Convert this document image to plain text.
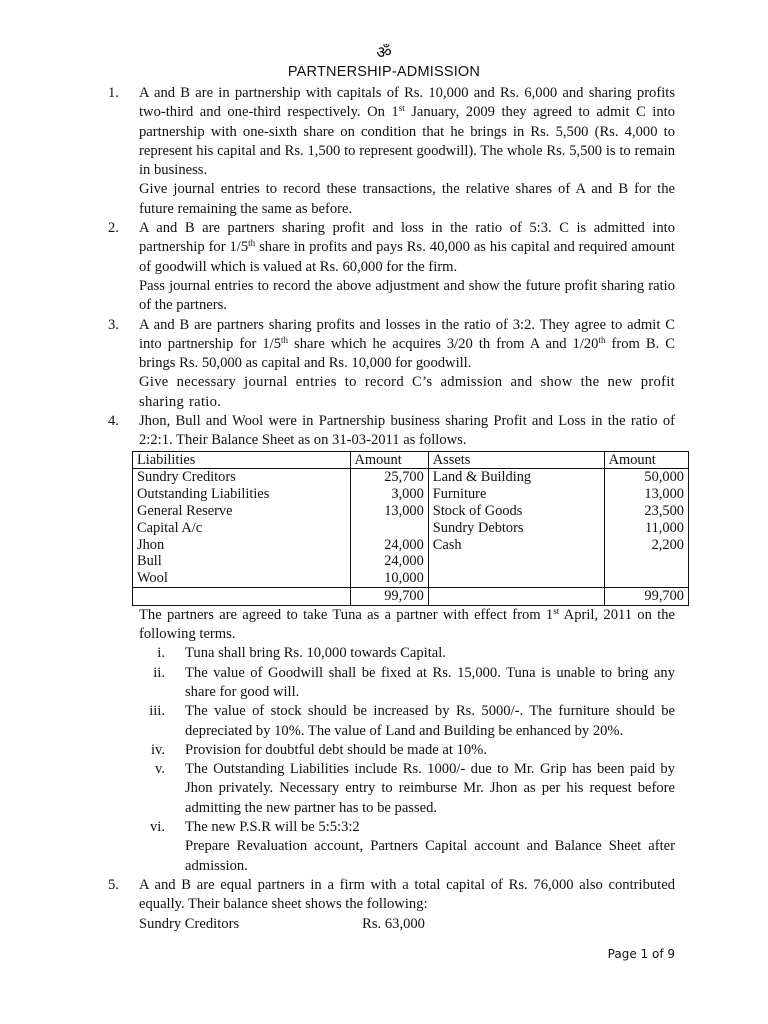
ॐ
PARTNERSHIP-ADMISSION
1. A and B are in partnership with capitals of Rs. 10,000 and Rs. 6,000 and sharing profits two-third and one-third respectively. On 1st January, 2009 they agreed to admit C into partnership with one-sixth share on condition that he brings in Rs. 5,500 (Rs. 4,000 to represent his capital and Rs. 1,500 to represent goodwill). The whole Rs. 5,500 is to remain in business.

Give journal entries to record these transactions, the relative shares of A and B for the future remaining the same as before.

2. A and B are partners sharing profit and loss in the ratio of 5:3. C is admitted into partnership for 1/5th share in profits and pays Rs. 40,000 as his capital and required amount of goodwill which is valued at Rs. 60,000 for the firm.

Pass journal entries to record the above adjustment and show the future profit sharing ratio of the partners.

3. A and B are partners sharing profits and losses in the ratio of 3:2. They agree to admit C into partnership for 1/5th share which he acquires 3/20 th from A and 1/20th from B. C brings Rs. 50,000 as capital and Rs. 10,000 for goodwill.

Give necessary journal entries to record C’s admission and show the new profit sharing ratio.

4. Jhon, Bull and Wool were in Partnership business sharing Profit and Loss in the ratio of 2:2:1. Their Balance Sheet as on 31-03-2011 as follows.

Liabilities	Amount	Assets	Amount
Sundry Creditors	25,700	Land & Building	50,000
Outstanding Liabilities	3,000	Furniture	13,000
General Reserve	13,000	Stock of Goods	23,500
Capital A/c		Sundry Debtors	11,000
Jhon	24,000	Cash	2,200
Bull	24,000		
Wool	10,000		
	99,700		99,700

The partners are agreed to take Tuna as a partner with effect from 1st April, 2011 on the following terms.

i. Tuna shall bring Rs. 10,000 towards Capital.
ii. The value of Goodwill shall be fixed at Rs. 15,000. Tuna is unable to bring any share for good will.
iii. The value of stock should be increased by Rs. 5000/-. The furniture should be depreciated by 10%. The value of Land and Building be enhanced by 20%.
iv. Provision for doubtful debt should be made at 10%.
v. The Outstanding Liabilities include Rs. 1000/- due to Mr. Grip has been paid by Jhon privately. Necessary entry to reimburse Mr. Jhon as per his request before admitting the new partner has to be passed.
vi. The new P.S.R will be 5:5:3:2
Prepare Revaluation account, Partners Capital account and Balance Sheet after admission.
5. A and B are equal partners in a firm with a total capital of Rs. 76,000 also contributed equally. Their balance sheet shows the following:

Sundry Creditors	Rs. 63,000
Page 1 of 9
